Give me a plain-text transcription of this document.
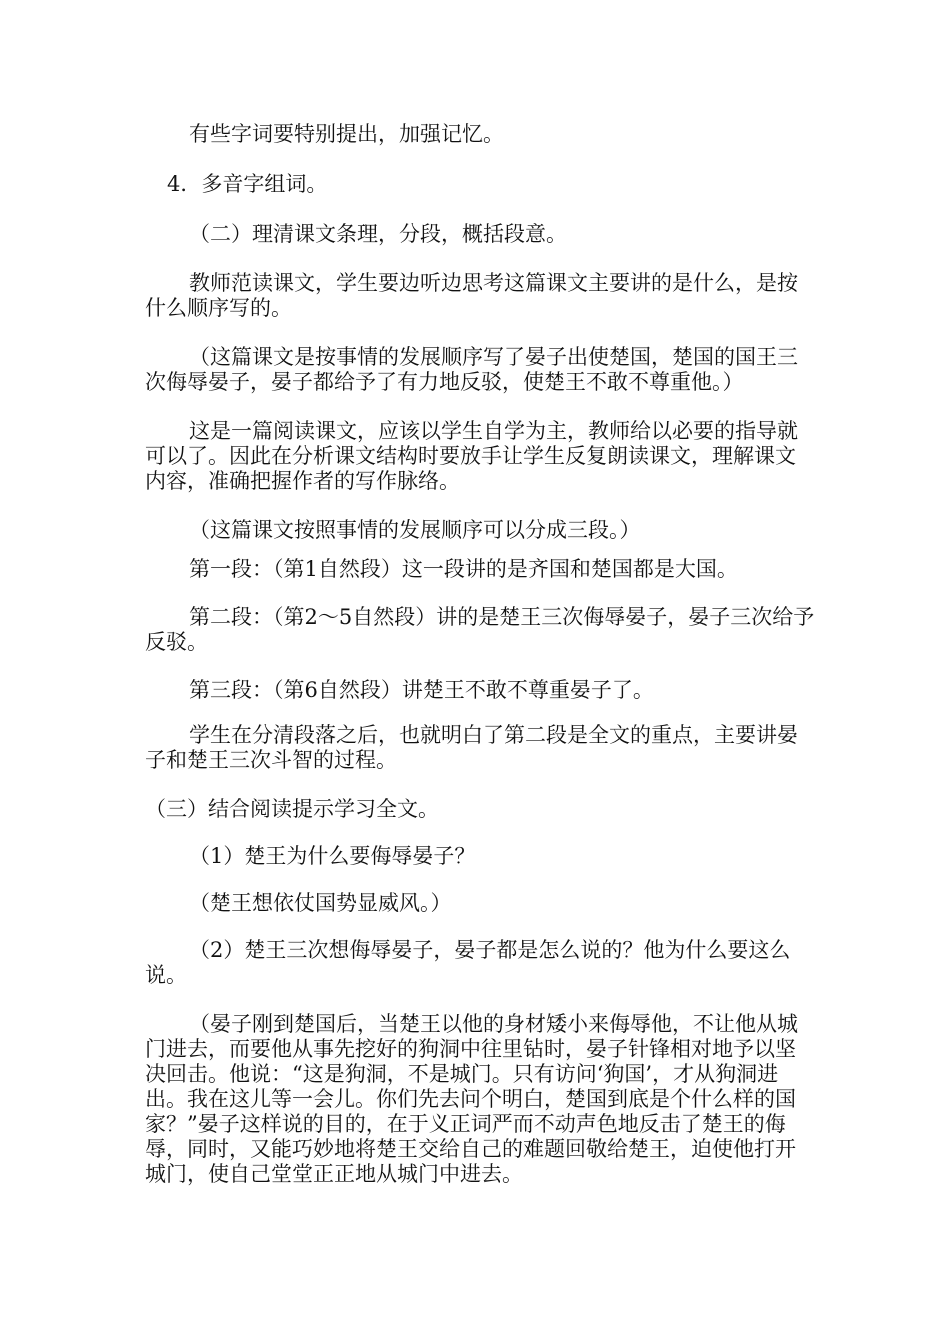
有些字词要特别提出，加强记忆。

4．多音字组词。

（二）理清课文条理，分段，概括段意。

教师范读课文，学生要边听边思考这篇课文主要讲的是什么，是按什么顺序写的。

（这篇课文是按事情的发展顺序写了晏子出使楚国，楚国的国王三次侮辱晏子，晏子都给予了有力地反驳，使楚王不敢不尊重他。）

这是一篇阅读课文，应该以学生自学为主，教师给以必要的指导就可以了。因此在分析课文结构时要放手让学生反复朗读课文，理解课文内容，准确把握作者的写作脉络。

（这篇课文按照事情的发展顺序可以分成三段。）

第一段：（第1自然段）这一段讲的是齐国和楚国都是大国。

第二段：（第2～5自然段）讲的是楚王三次侮辱晏子，晏子三次给予反驳。

第三段：（第6自然段）讲楚王不敢不尊重晏子了。

学生在分清段落之后，也就明白了第二段是全文的重点，主要讲晏子和楚王三次斗智的过程。

（三）结合阅读提示学习全文。

（1）楚王为什么要侮辱晏子？

（楚王想依仗国势显威风。）

（2）楚王三次想侮辱晏子，晏子都是怎么说的？他为什么要这么说。

（晏子刚到楚国后，当楚王以他的身材矮小来侮辱他，不让他从城门进去，而要他从事先挖好的狗洞中往里钻时，晏子针锋相对地予以坚决回击。他说：“这是狗洞，不是城门。只有访问‘狗国’，才从狗洞进出。我在这儿等一会儿。你们先去问个明白，楚国到底是个什么样的国家？”晏子这样说的目的，在于义正词严而不动声色地反击了楚王的侮辱，同时，又能巧妙地将楚王交给自己的难题回敬给楚王，迫使他打开城门，使自己堂堂正正地从城门中进去。
